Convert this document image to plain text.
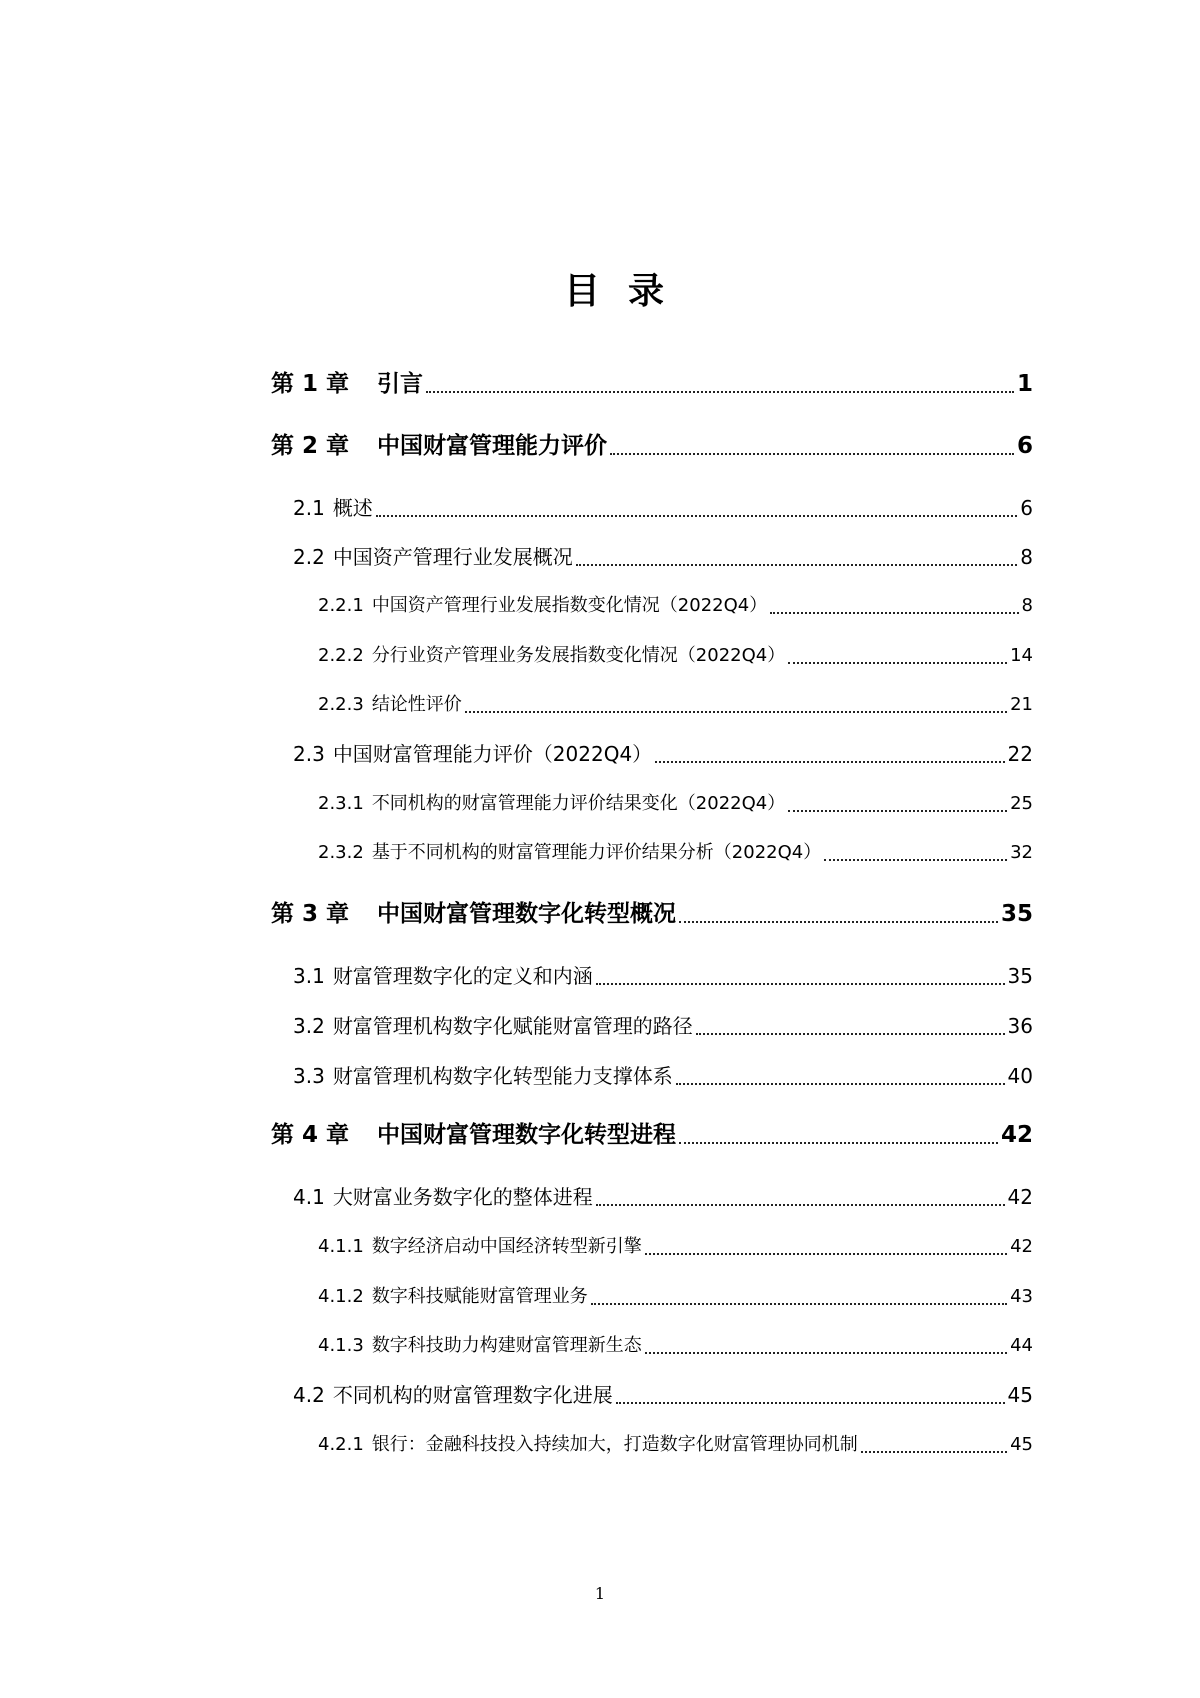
目录
第 1 章	引言	1
第 2 章	中国财富管理能力评价	6
2.1 概述	6
2.2 中国资产管理行业发展概况	8
2.2.1 中国资产管理行业发展指数变化情况（2022Q4）	8
2.2.2 分行业资产管理业务发展指数变化情况（2022Q4）	14
2.2.3 结论性评价	21
2.3 中国财富管理能力评价（2022Q4）	22
2.3.1 不同机构的财富管理能力评价结果变化（2022Q4）	25
2.3.2 基于不同机构的财富管理能力评价结果分析（2022Q4）	32
第 3 章	中国财富管理数字化转型概况	35
3.1 财富管理数字化的定义和内涵	35
3.2 财富管理机构数字化赋能财富管理的路径	36
3.3 财富管理机构数字化转型能力支撑体系	40
第 4 章	中国财富管理数字化转型进程	42
4.1 大财富业务数字化的整体进程	42
4.1.1 数字经济启动中国经济转型新引擎	42
4.1.2 数字科技赋能财富管理业务	43
4.1.3 数字科技助力构建财富管理新生态	44
4.2 不同机构的财富管理数字化进展	45
4.2.1 银行：金融科技投入持续加大，打造数字化财富管理协同机制	45
1
